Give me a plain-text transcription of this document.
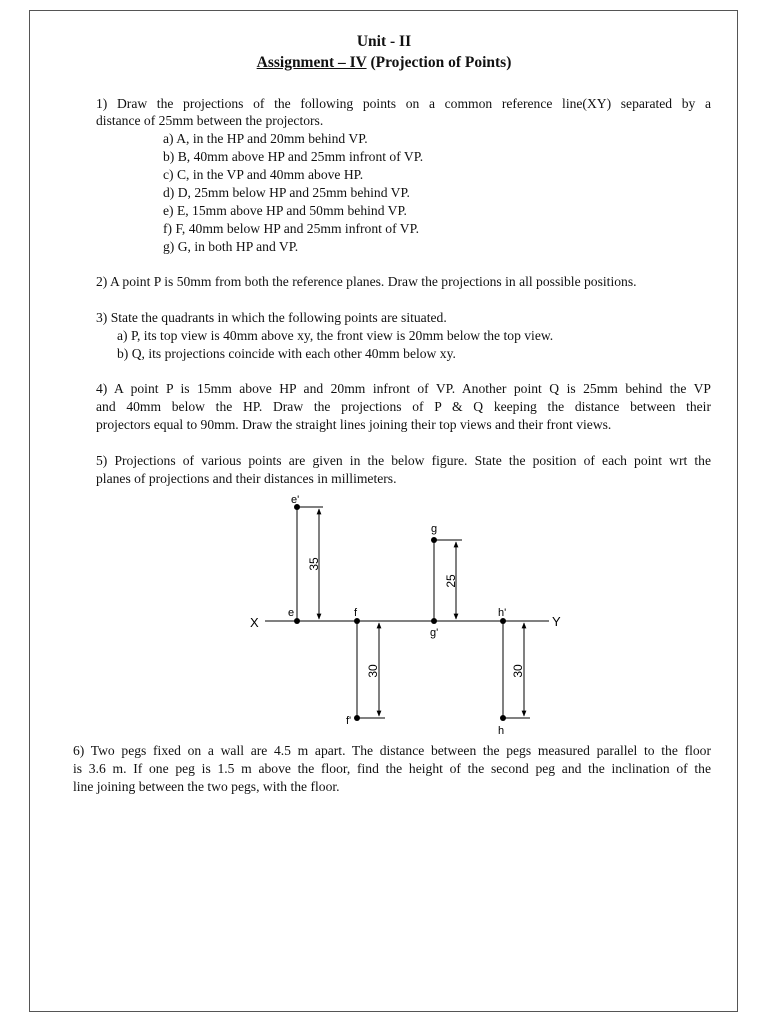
Unit - II
Assignment – IV (Projection of Points)
1) Draw the projections of the following points on a common reference line(XY) separated by a
distance of 25mm between the projectors.
a) A, in the HP and 20mm behind VP.
b) B, 40mm above HP and 25mm infront of VP.
c) C, in the VP and 40mm above HP.
d) D, 25mm below HP and 25mm behind VP.
e) E, 15mm above HP and 50mm behind VP.
f) F, 40mm below HP and 25mm infront of VP.
g) G, in both HP and VP.
2) A point P is 50mm from both the reference planes. Draw the projections in all possible positions.
3) State the quadrants in which the following points are situated.
a) P, its top view is 40mm above xy, the front view is 20mm below the top view.
b) Q, its projections coincide with each other 40mm below xy.
4) A point P is 15mm above HP and 20mm infront of VP. Another point Q is 25mm behind the VP
and 40mm below the HP. Draw the projections of P & Q keeping the distance between their
projectors equal to 90mm. Draw the straight lines joining their top views and their front views.
5) Projections of various points are given in the below figure. State the position of each point wrt the
planes of projections and their distances in millimeters.
X	Y
e'
e
35
f
f'
30
g
g'
25
h'
h
30
6) Two pegs fixed on a wall are 4.5 m apart. The distance between the pegs measured parallel to the floor
is 3.6 m. If one peg is 1.5 m above the floor, find the height of the second peg and the inclination of the
line joining between the two pegs, with the floor.
